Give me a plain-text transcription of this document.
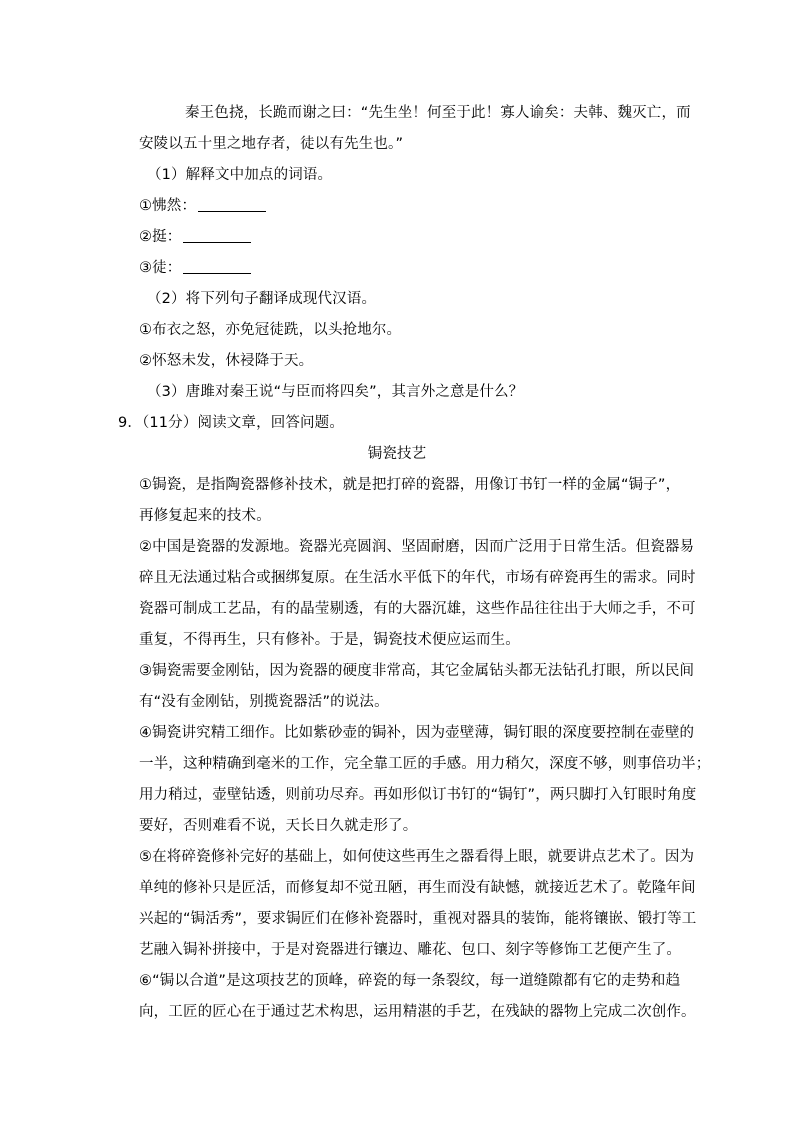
秦王色挠，长跪而谢之曰：“先生坐！何至于此！寡人谕矣：夫韩、魏灭亡，而
安陵以五十里之地存者，徒以有先生也。”
（1）解释文中加点的词语。
①怫然：
②挺：
③徒：
（2）将下列句子翻译成现代汉语。
①布衣之怒，亦免冠徒跣，以头抢地尔。
②怀怒未发，休祲降于天。
（3）唐雎对秦王说“与臣而将四矣”，其言外之意是什么？
9．（11分）阅读文章，回答问题。
锔瓷技艺
①锔瓷，是指陶瓷器修补技术，就是把打碎的瓷器，用像订书钉一样的金属“锔子”，
再修复起来的技术。
②中国是瓷器的发源地。瓷器光亮圆润、坚固耐磨，因而广泛用于日常生活。但瓷器易
碎且无法通过粘合或捆绑复原。在生活水平低下的年代，市场有碎瓷再生的需求。同时
瓷器可制成工艺品，有的晶莹剔透，有的大器沉雄，这些作品往往出于大师之手，不可
重复，不得再生，只有修补。于是，锔瓷技术便应运而生。
③锔瓷需要金刚钻，因为瓷器的硬度非常高，其它金属钻头都无法钻孔打眼，所以民间
有“没有金刚钻，别揽瓷器活”的说法。
④锔瓷讲究精工细作。比如紫砂壶的锔补，因为壶壁薄，锔钉眼的深度要控制在壶壁的
一半，这种精确到毫米的工作，完全靠工匠的手感。用力稍欠，深度不够，则事倍功半；
用力稍过，壶壁钻透，则前功尽弃。再如形似订书钉的“锔钉”，两只脚打入钉眼时角度
要好，否则难看不说，天长日久就走形了。
⑤在将碎瓷修补完好的基础上，如何使这些再生之器看得上眼，就要讲点艺术了。因为
单纯的修补只是匠活，而修复却不觉丑陋，再生而没有缺憾，就接近艺术了。乾隆年间
兴起的“锔活秀”，要求锔匠们在修补瓷器时，重视对器具的装饰，能将镶嵌、锻打等工
艺融入锔补拼接中，于是对瓷器进行镶边、雕花、包口、刻字等修饰工艺便产生了。
⑥“锔以合道”是这项技艺的顶峰，碎瓷的每一条裂纹，每一道缝隙都有它的走势和趋
向，工匠的匠心在于通过艺术构思，运用精湛的手艺，在残缺的器物上完成二次创作。
